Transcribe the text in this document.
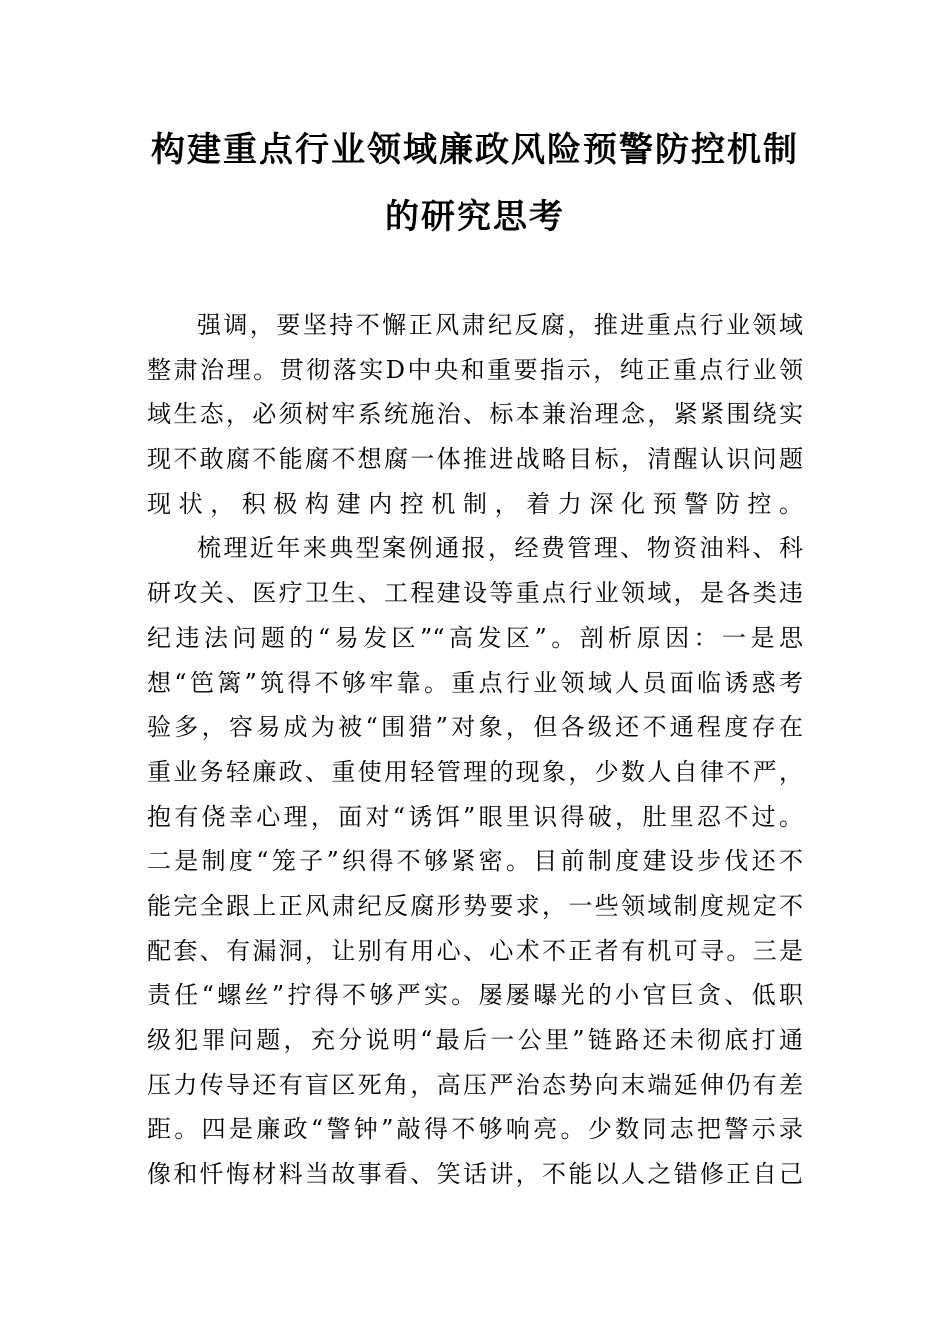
构建重点行业领域廉政风险预警防控机制
的研究思考
强调，要坚持不懈正风肃纪反腐，推进重点行业领域
整肃治理。贯彻落实D中央和重要指示，纯正重点行业领
域生态，必须树牢系统施治、标本兼治理念，紧紧围绕实
现不敢腐不能腐不想腐一体推进战略目标，清醒认识问题
现状，积极构建内控机制，着力深化预警防控。
梳理近年来典型案例通报，经费管理、物资油料、科
研攻关、医疗卫生、工程建设等重点行业领域，是各类违
纪违法问题的“易发区”“高发区”。剖析原因：一是思
想“笆篱”筑得不够牢靠。重点行业领域人员面临诱惑考
验多，容易成为被“围猎”对象，但各级还不通程度存在
重业务轻廉政、重使用轻管理的现象，少数人自律不严，
抱有侥幸心理，面对“诱饵”眼里识得破，肚里忍不过。
二是制度“笼子”织得不够紧密。目前制度建设步伐还不
能完全跟上正风肃纪反腐形势要求，一些领域制度规定不
配套、有漏洞，让别有用心、心术不正者有机可寻。三是
责任“螺丝”拧得不够严实。屡屡曝光的小官巨贪、低职
级犯罪问题，充分说明“最后一公里”链路还未彻底打通
压力传导还有盲区死角，高压严治态势向末端延伸仍有差
距。四是廉政“警钟”敲得不够响亮。少数同志把警示录
像和忏悔材料当故事看、笑话讲，不能以人之错修正自己
